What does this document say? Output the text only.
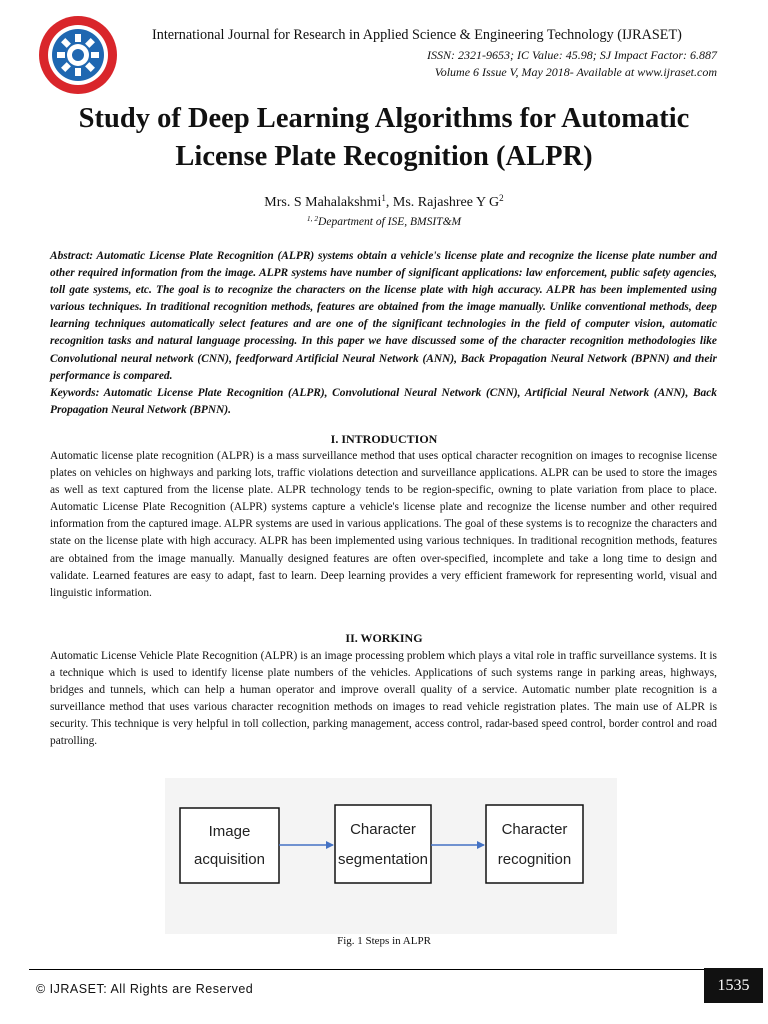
International Journal for Research in Applied Science & Engineering Technology (IJRASET)
ISSN: 2321-9653; IC Value: 45.98; SJ Impact Factor: 6.887
Volume 6 Issue V, May 2018- Available at www.ijraset.com
Study of Deep Learning Algorithms for Automatic
License Plate Recognition (ALPR)
Mrs. S Mahalakshmi$^1$, Ms. Rajashree Y $G^2$
$^{1, 2}$Department of ISE, BMSIT&M

Abstract: Automatic License Plate Recognition (ALPR) systems obtain a vehicle's license plate and recognize the license plate number and other required information from the image. ALPR systems have number of significant applications: law enforcement, public safety agencies, toll gate systems, etc. The goal is to recognize the characters on the license plate with high accuracy. ALPR has been implemented using various techniques. In traditional recognition methods, features are obtained from the image manually. Unlike conventional methods, deep learning techniques automatically select features and are one of the significant technologies in the field of computer vision, automatic recognition tasks and natural language processing. In this paper we have discussed some of the character recognition methodologies like Convolutional neural network (CNN), feedforward Artificial Neural Network (ANN), Back Propagation Neural Network (BPNN) and their performance is compared.

Keywords: Automatic License Plate Recognition (ALPR), Convolutional Neural Network (CNN), Artificial Neural Network (ANN), Back Propagation Neural Network (BPNN).

I. INTRODUCTION

Automatic license plate recognition (ALPR) is a mass surveillance method that uses optical character recognition on images to recognise license plates on vehicles on highways and parking lots, traffic violations detection and surveillance applications. ALPR can be used to store the images as well as text captured from the license plate. ALPR technology tends to be region-specific, owning to plate variation from place to place. Automatic License Plate Recognition (ALPR) systems capture a vehicle's license plate and recognize the license number and other required information from the captured image. ALPR systems are used in various applications. The goal of these systems is to recognize the characters and state on the license plate with high accuracy. ALPR has been implemented using various techniques. In traditional recognition methods, features are obtained from the image manually. Manually designed features are often over-specified, incomplete and take a long time to design and validate. Learned features are easy to adapt, fast to learn. Deep learning provides a very efficient framework for representing world, visual and linguistic information.

II. WORKING

Automatic License Vehicle Plate Recognition (ALPR) is an image processing problem which plays a vital role in traffic surveillance systems. It is a technique which is used to identify license plate numbers of the vehicles. Applications of such systems range in parking areas, highways, bridges and tunnels, which can help a human operator and improve overall quality of a service. Automatic number plate recognition is a surveillance method that uses various character recognition methods on images to read vehicle registration plates. The main use of ALPR is security. This technique is very helpful in toll collection, parking management, access control, radar-based speed control, border control and road patrolling.

Image
acquisition
Character
segmentation
Character
recognition
Fig. 1 Steps in ALPR
© IJRASET: All Rights are Reserved	1535
